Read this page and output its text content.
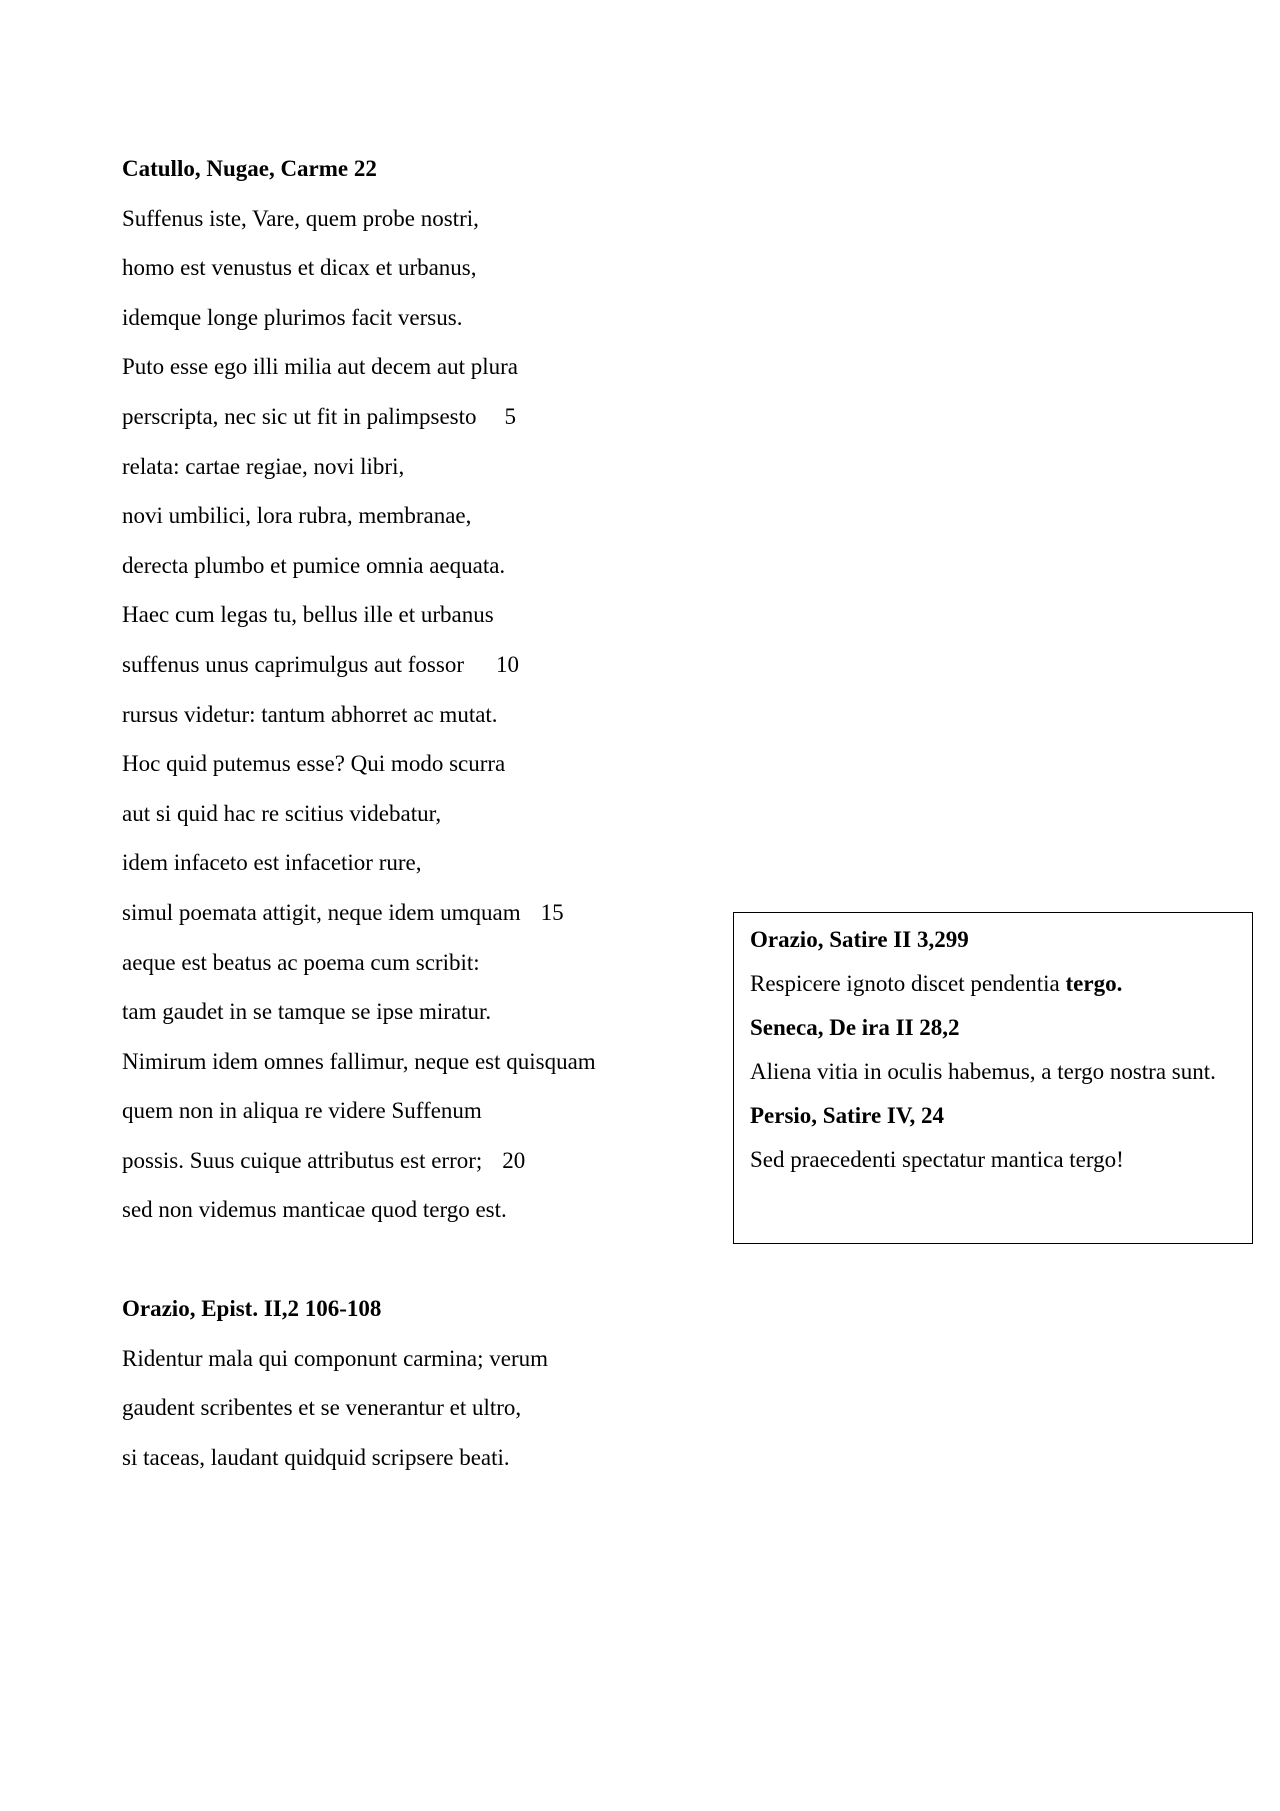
Catullo, Nugae, Carme 22
Suffenus iste, Vare, quem probe nostri,
homo est venustus et dicax et urbanus,
idemque longe plurimos facit versus.
Puto esse ego illi milia aut decem aut plura
perscripta, nec sic ut fit in palimpsesto 5
relata: cartae regiae, novi libri,
novi umbilici, lora rubra, membranae,
derecta plumbo et pumice omnia aequata.
Haec cum legas tu, bellus ille et urbanus
suffenus unus caprimulgus aut fossor 10
rursus videtur: tantum abhorret ac mutat.
Hoc quid putemus esse? Qui modo scurra
aut si quid hac re scitius videbatur,
idem infaceto est infacetior rure,
simul poemata attigit, neque idem umquam 15
aeque est beatus ac poema cum scribit:
tam gaudet in se tamque se ipse miratur.
Nimirum idem omnes fallimur, neque est quisquam
quem non in aliqua re videre Suffenum
possis. Suus cuique attributus est error; 20
sed non videmus manticae quod tergo est.

Orazio, Satire II 3,299

Respicere ignoto discet pendentia tergo.

Seneca, De ira II 28,2

Aliena vitia in oculis habemus, a tergo nostra sunt.

Persio, Satire IV, 24

Sed praecedenti spectatur mantica tergo!

Orazio, Epist. II,2 106-108
Ridentur mala qui componunt carmina; verum
gaudent scribentes et se venerantur et ultro,
si taceas, laudant quidquid scripsere beati.
